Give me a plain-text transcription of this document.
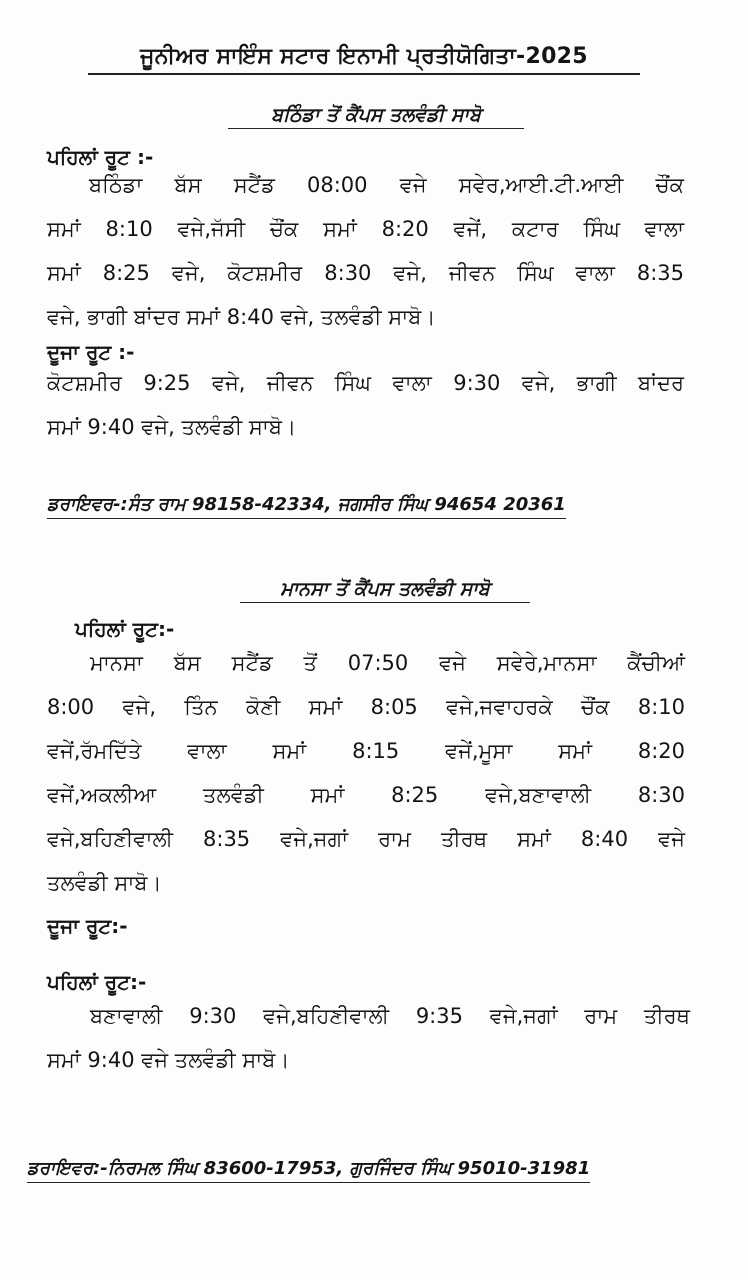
ਜੂਨੀਅਰ ਸਾਇੰਸ ਸਟਾਰ ਇਨਾਮੀ ਪ੍ਰਤੀਯੋਗਿਤਾ-2025
ਬਠਿੰਡਾ ਤੋਂ ਕੈਂਪਸ ਤਲਵੰਡੀ ਸਾਬੋ
ਪਹਿਲਾਂ ਰੂਟ :-
ਬਠਿੰਡਾ ਬੱਸ ਸਟੈਂਡ 08:00 ਵਜੇ ਸਵੇਰ,ਆਈ.ਟੀ.ਆਈ ਚੌਂਕ
ਸਮਾਂ 8:10 ਵਜੇ,ਜੱਸੀ ਚੌਂਕ ਸਮਾਂ 8:20 ਵਜੇਂ, ਕਟਾਰ ਸਿੰਘ ਵਾਲਾ
ਸਮਾਂ 8:25 ਵਜੇ, ਕੋਟਸ਼ਮੀਰ 8:30 ਵਜੇ, ਜੀਵਨ ਸਿੰਘ ਵਾਲਾ 8:35
ਵਜੇ, ਭਾਗੀ ਬਾਂਦਰ ਸਮਾਂ 8:40 ਵਜੇ, ਤਲਵੰਡੀ ਸਾਬੋ।
ਦੂਜਾ ਰੂਟ :-
ਕੋਟਸ਼ਮੀਰ 9:25 ਵਜੇ, ਜੀਵਨ ਸਿੰਘ ਵਾਲਾ 9:30 ਵਜੇ, ਭਾਗੀ ਬਾਂਦਰ
ਸਮਾਂ 9:40 ਵਜੇ, ਤਲਵੰਡੀ ਸਾਬੋ।
ਡਰਾਇਵਰ-:ਸੰਤ ਰਾਮ 98158-42334, ਜਗਸੀਰ ਸਿੰਘ 94654 20361
ਮਾਨਸਾ ਤੋਂ ਕੈਂਪਸ ਤਲਵੰਡੀ ਸਾਬੋ
ਪਹਿਲਾਂ ਰੂਟ:-
ਮਾਨਸਾ ਬੱਸ ਸਟੈਂਡ ਤੋਂ 07:50 ਵਜੇ ਸਵੇਰੇ,ਮਾਨਸਾ ਕੈਂਚੀਆਂ
8:00 ਵਜੇ, ਤਿੰਨ ਕੋਣੀ ਸਮਾਂ 8:05 ਵਜੇ,ਜਵਾਹਰਕੇ ਚੌਂਕ 8:10
ਵਜੇਂ,ਰੱਮਦਿੱਤੇ ਵਾਲਾ ਸਮਾਂ 8:15 ਵਜੇਂ,ਮੂਸਾ ਸਮਾਂ 8:20
ਵਜੇਂ,ਅਕਲੀਆ ਤਲਵੰਡੀ ਸਮਾਂ 8:25 ਵਜੇ,ਬਣਾਵਾਲੀ 8:30
ਵਜੇ,ਬਹਿਣੀਵਾਲੀ 8:35 ਵਜੇ,ਜਗਾਂ ਰਾਮ ਤੀਰਥ ਸਮਾਂ 8:40 ਵਜੇ
ਤਲਵੰਡੀ ਸਾਬੋ।
ਦੂਜਾ ਰੂਟ:-
ਪਹਿਲਾਂ ਰੂਟ:-
ਬਣਾਵਾਲੀ 9:30 ਵਜੇ,ਬਹਿਣੀਵਾਲੀ 9:35 ਵਜੇ,ਜਗਾਂ ਰਾਮ ਤੀਰਥ
ਸਮਾਂ 9:40 ਵਜੇ ਤਲਵੰਡੀ ਸਾਬੋ।
ਡਰਾਇਵਰ:-ਨਿਰਮਲ ਸਿੰਘ 83600-17953, ਗੁਰਜਿੰਦਰ ਸਿੰਘ 95010-31981
